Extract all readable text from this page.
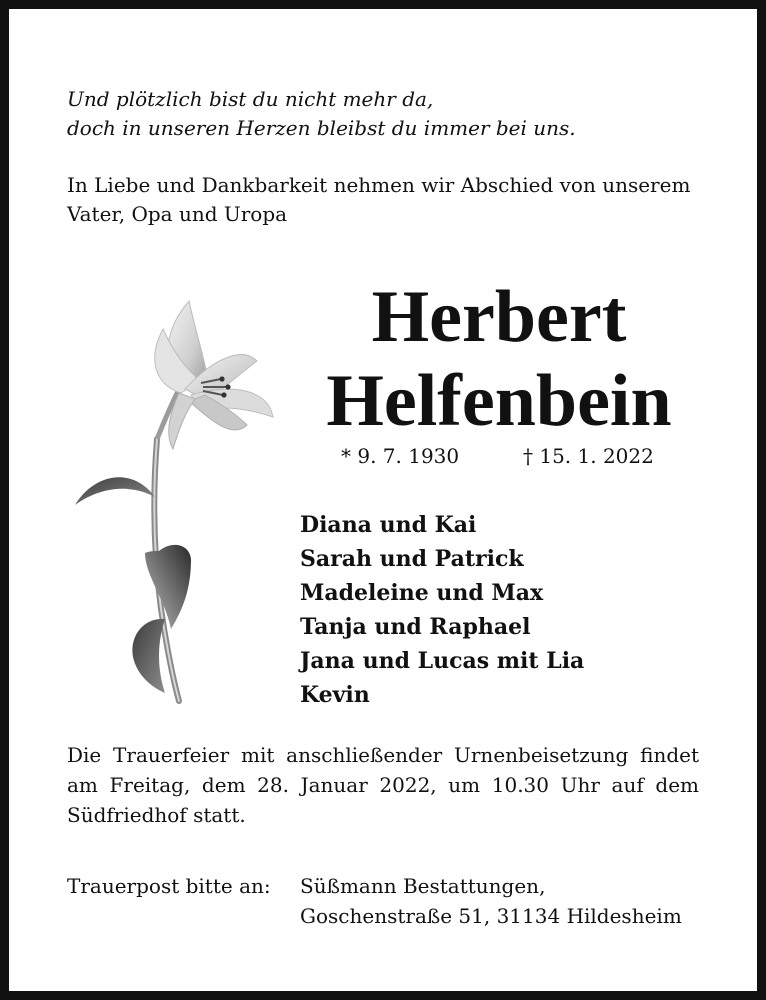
Und plötzlich bist du nicht mehr da,
doch in unseren Herzen bleibst du immer bei uns.
In Liebe und Dankbarkeit nehmen wir Abschied von unserem
Vater, Opa und Uropa
Herbert
Helfenbein
* 9. 7. 1930	† 15. 1. 2022
Diana und Kai
Sarah und Patrick
Madeleine und Max
Tanja und Raphael
Jana und Lucas mit Lia
Kevin

Die Trauerfeier mit anschließender Urnenbeisetzung findet am Freitag, dem 28. Januar 2022, um 10.30 Uhr auf dem Südfriedhof statt.

Trauerpost bitte an: Süßmann Bestattungen,
Goschenstraße 51, 31134 Hildesheim
